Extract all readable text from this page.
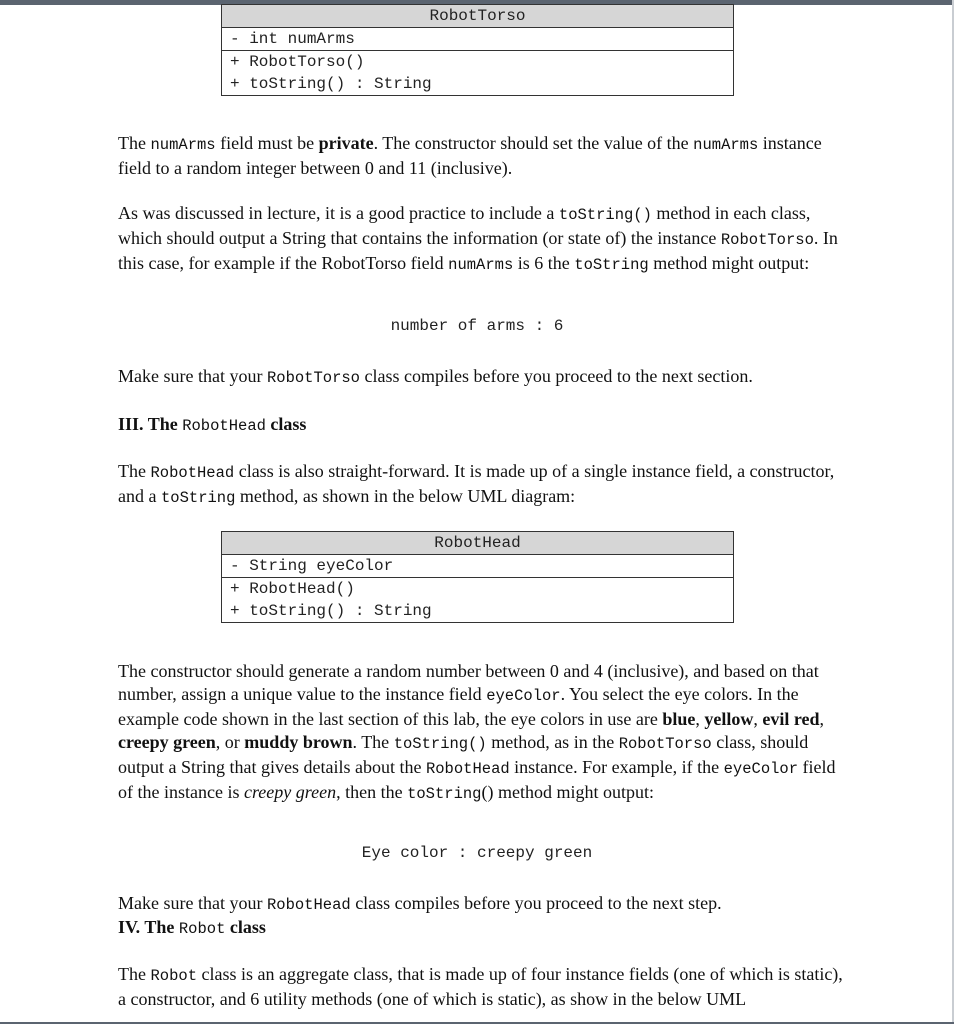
RobotTorso
- int numArms
+ RobotTorso()
+ toString() : String

The numArms field must be private. The constructor should set the value of the numArms instance field to a random integer between 0 and 11 (inclusive).

As was discussed in lecture, it is a good practice to include a toString() method in each class, which should output a String that contains the information (or state of) the instance RobotTorso. In this case, for example if the RobotTorso field numArms is 6 the toString method might output:

number of arms : 6

Make sure that your RobotTorso class compiles before you proceed to the next section.

III. The RobotHead class

The RobotHead class is also straight-forward. It is made up of a single instance field, a constructor, and a toString method, as shown in the below UML diagram:

RobotHead
- String eyeColor
+ RobotHead()
+ toString() : String

The constructor should generate a random number between 0 and 4 (inclusive), and based on that number, assign a unique value to the instance field eyeColor. You select the eye colors. In the example code shown in the last section of this lab, the eye colors in use are blue, yellow, evil red, creepy green, or muddy brown. The toString() method, as in the RobotTorso class, should output a String that gives details about the RobotHead instance. For example, if the eyeColor field of the instance is creepy green, then the toString() method might output:

Eye color : creepy green

Make sure that your RobotHead class compiles before you proceed to the next step.

IV. The Robot class

The Robot class is an aggregate class, that is made up of four instance fields (one of which is static), a constructor, and 6 utility methods (one of which is static), as show in the below UML
